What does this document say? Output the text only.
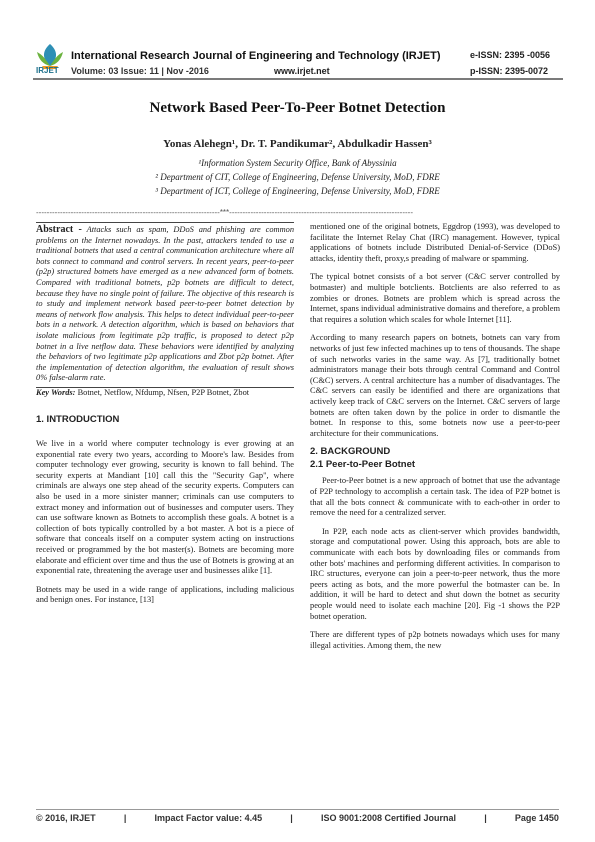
IRJET
International Research Journal of Engineering and Technology (IRJET)
Volume: 03 Issue: 11 | Nov -2016	www.irjet.net
e-ISSN: 2395 -0056
p-ISSN: 2395-0072
Network Based Peer-To-Peer Botnet Detection
Yonas Alehegn¹, Dr. T. Pandikumar², Abdulkadir Hassen³
¹Information System Security Office, Bank of Abyssinia
² Department of CIT, College of Engineering, Defense University, MoD, FDRE
³ Department of ICT, College of Engineering, Defense University, MoD, FDRE
---------------------------------------------------------------------***---------------------------------------------------------------------
Abstract - Attacks such as spam, DDoS and phishing are common problems on the Internet nowadays. In the past, attackers tended to use a traditional botnets that used a central communication architecture where all bots connect to command and control servers. In recent years, peer-to-peer (p2p) structured botnets have emerged as a new advanced form of botnets. Compared with traditional botnets, p2p botnets are difficult to detect, because they have no single point of failure. The objective of this research is to study and implement network based peer-to-peer botnet detection by means of network flow analysis. This helps to detect individual peer-to-peer bots in a network. A detection algorithm, which is based on behaviors that isolate malicious from legitimate p2p traffic, is proposed to detect p2p botnet in a live netflow data. These behaviors were identified by analyzing the behaviors of two legitimate p2p applications and Zbot p2p botnet. After the implementation of detection algorithm, the evaluation of result shows 0% false-alarm rate.

Key Words: Botnet, Netflow, Nfdump, Nfsen, P2P Botnet, Zbot

1. INTRODUCTION

We live in a world where computer technology is ever growing at an exponential rate every two years, according to Moore's law. Besides from computer technology ever growing, security is known to fall behind. The security experts at Mandiant [10] call this the "Security Gap", where criminals are always one step ahead of the security experts. Computers can also be used in a more sinister manner; criminals can use computers to extract money and information out of businesses and computer users. They can use software known as Botnets to accomplish these goals. A botnet is a collection of bots typically controlled by a bot master. A bot is a piece of software that conceals itself on a computer system acting on instructions received or programmed by the bot master(s). Botnets are becoming more elaborate and efficient over time and thus the use of Botnets is growing at an exponential rate, threatening the average user and businesses alike [1].

Botnets may be used in a wide range of applications, including malicious and benign ones. For instance, [13]

mentioned one of the original botnets, Eggdrop (1993), was developed to facilitate the Internet Relay Chat (IRC) management. However, typical applications of botnets include Distributed Denial-of-Service (DDoS) attacks, identity theft, proxy,s preading of malware or spamming.

The typical botnet consists of a bot server (C&C server controlled by botmaster) and multiple botclients. Botclients are also referred to as zombies or drones. Botnets are problem which is spread across the Internet, spans individual administrative domains and therefore, a problem that requires a solution which scales for whole Internet [11].

According to many research papers on botnets, botnets can vary from networks of just few infected machines up to tens of thousands. The shape of such networks varies in the same way. As [7], traditionally botnet administrators manage their bots through central Command and Control (C&C) servers. A central architecture has a number of disadvantages. The C&C servers can easily be identified and there are organizations that actively keep track of C&C servers on the Internet. C&C servers of large botnets are often taken down by the police in order to dismantle the botnet. In response to this, some botnets now use a peer-to-peer architecture for their communications.

2. BACKGROUND
2.1 Peer-to-Peer Botnet

Peer-to-Peer botnet is a new approach of botnet that use the advantage of P2P technology to accomplish a certain task. The idea of P2P botnet is that all the bots connect & communicate with to each-other in order to remove the need for a centralized server.

In P2P, each node acts as client-server which provides bandwidth, storage and computational power. Using this approach, bots are able to communicate with each bots by downloading files or commands from other bots' machines and performing different activities. In comparison to IRC structures, everyone can join a peer-to-peer network, thus the more peers acting as bots, and the more powerful the botmaster can be. In addition, it will be hard to detect and shut down the botnet as security people would need to isolate each machine [20]. Fig -1 shows the P2P botnet operation.

There are different types of p2p botnets nowadays which uses for many illegal activities. Among them, the new

© 2016, IRJET	|	Impact Factor value: 4.45	|	ISO 9001:2008 Certified Journal	|	Page 1450
